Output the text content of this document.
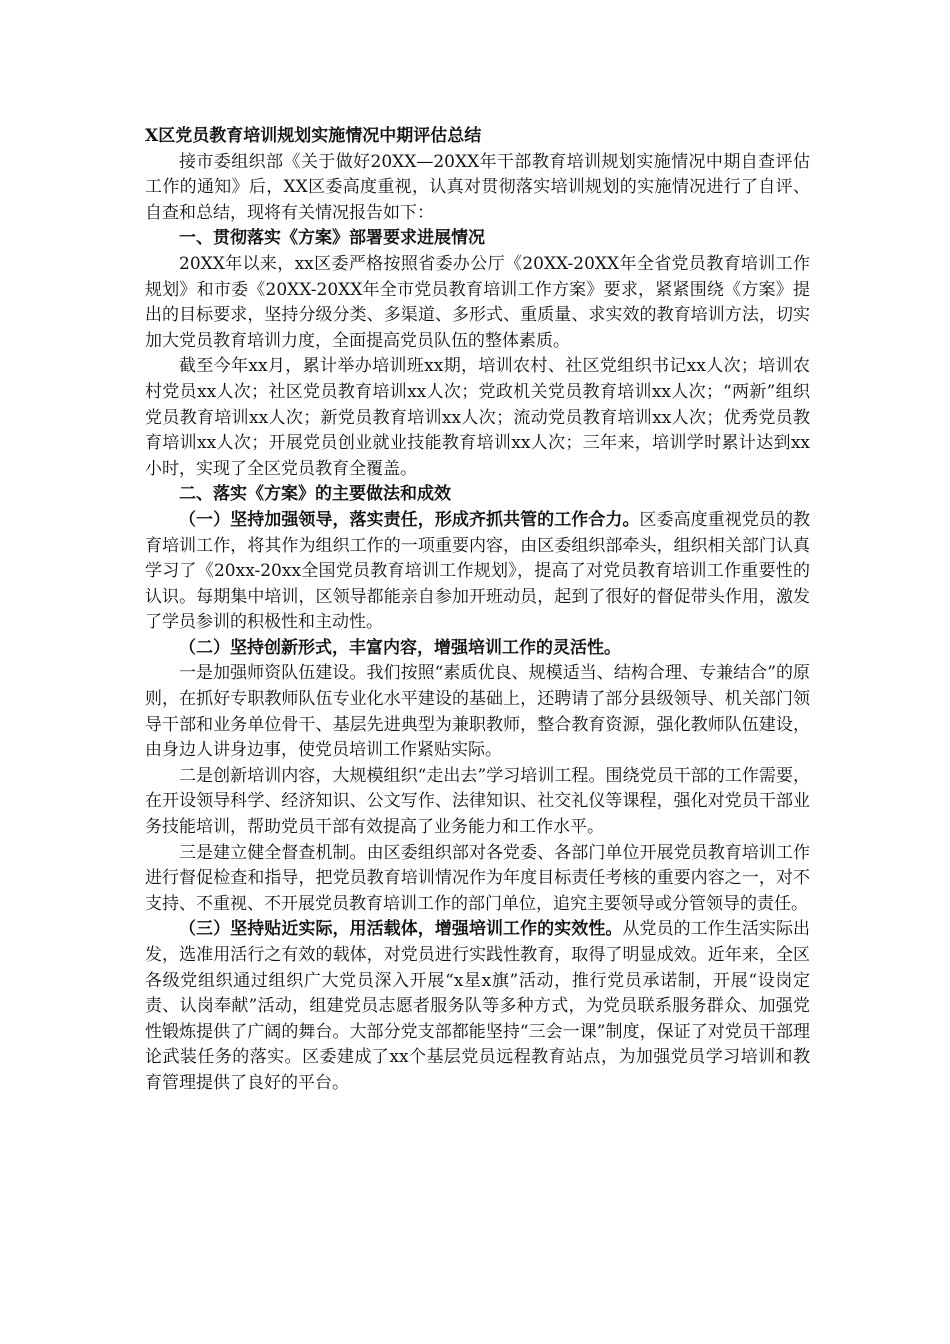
X区党员教育培训规划实施情况中期评估总结

接市委组织部《关于做好20XX—20XX年干部教育培训规划实施情况中期自查评估工作的通知》后，XX区委高度重视，认真对贯彻落实培训规划的实施情况进行了自评、自查和总结，现将有关情况报告如下：

一、贯彻落实《方案》部署要求进展情况

20XX年以来，xx区委严格按照省委办公厅《20XX-20XX年全省党员教育培训工作规划》和市委《20XX-20XX年全市党员教育培训工作方案》要求，紧紧围绕《方案》提出的目标要求，坚持分级分类、多渠道、多形式、重质量、求实效的教育培训方法，切实加大党员教育培训力度，全面提高党员队伍的整体素质。

截至今年xx月，累计举办培训班xx期，培训农村、社区党组织书记xx人次；培训农村党员xx人次；社区党员教育培训xx人次；党政机关党员教育培训xx人次；“两新”组织党员教育培训xx人次；新党员教育培训xx人次；流动党员教育培训xx人次；优秀党员教育培训xx人次；开展党员创业就业技能教育培训xx人次；三年来，培训学时累计达到xx小时，实现了全区党员教育全覆盖。

二、落实《方案》的主要做法和成效

（一）坚持加强领导，落实责任，形成齐抓共管的工作合力。区委高度重视党员的教育培训工作，将其作为组织工作的一项重要内容，由区委组织部牵头，组织相关部门认真学习了《20xx-20xx全国党员教育培训工作规划》，提高了对党员教育培训工作重要性的认识。每期集中培训，区领导都能亲自参加开班动员，起到了很好的督促带头作用，激发了学员参训的积极性和主动性。

（二）坚持创新形式，丰富内容，增强培训工作的灵活性。

一是加强师资队伍建设。我们按照“素质优良、规模适当、结构合理、专兼结合”的原则，在抓好专职教师队伍专业化水平建设的基础上，还聘请了部分县级领导、机关部门领导干部和业务单位骨干、基层先进典型为兼职教师，整合教育资源，强化教师队伍建设，由身边人讲身边事，使党员培训工作紧贴实际。

二是创新培训内容，大规模组织“走出去”学习培训工程。围绕党员干部的工作需要，在开设领导科学、经济知识、公文写作、法律知识、社交礼仪等课程，强化对党员干部业务技能培训，帮助党员干部有效提高了业务能力和工作水平。

三是建立健全督查机制。由区委组织部对各党委、各部门单位开展党员教育培训工作进行督促检查和指导，把党员教育培训情况作为年度目标责任考核的重要内容之一，对不支持、不重视、不开展党员教育培训工作的部门单位，追究主要领导或分管领导的责任。

（三）坚持贴近实际，用活载体，增强培训工作的实效性。从党员的工作生活实际出发，选准用活行之有效的载体，对党员进行实践性教育，取得了明显成效。近年来，全区各级党组织通过组织广大党员深入开展“x星x旗”活动，推行党员承诺制，开展“设岗定责、认岗奉献”活动，组建党员志愿者服务队等多种方式，为党员联系服务群众、加强党性锻炼提供了广阔的舞台。大部分党支部都能坚持“三会一课”制度，保证了对党员干部理论武装任务的落实。区委建成了xx个基层党员远程教育站点，为加强党员学习培训和教育管理提供了良好的平台。
